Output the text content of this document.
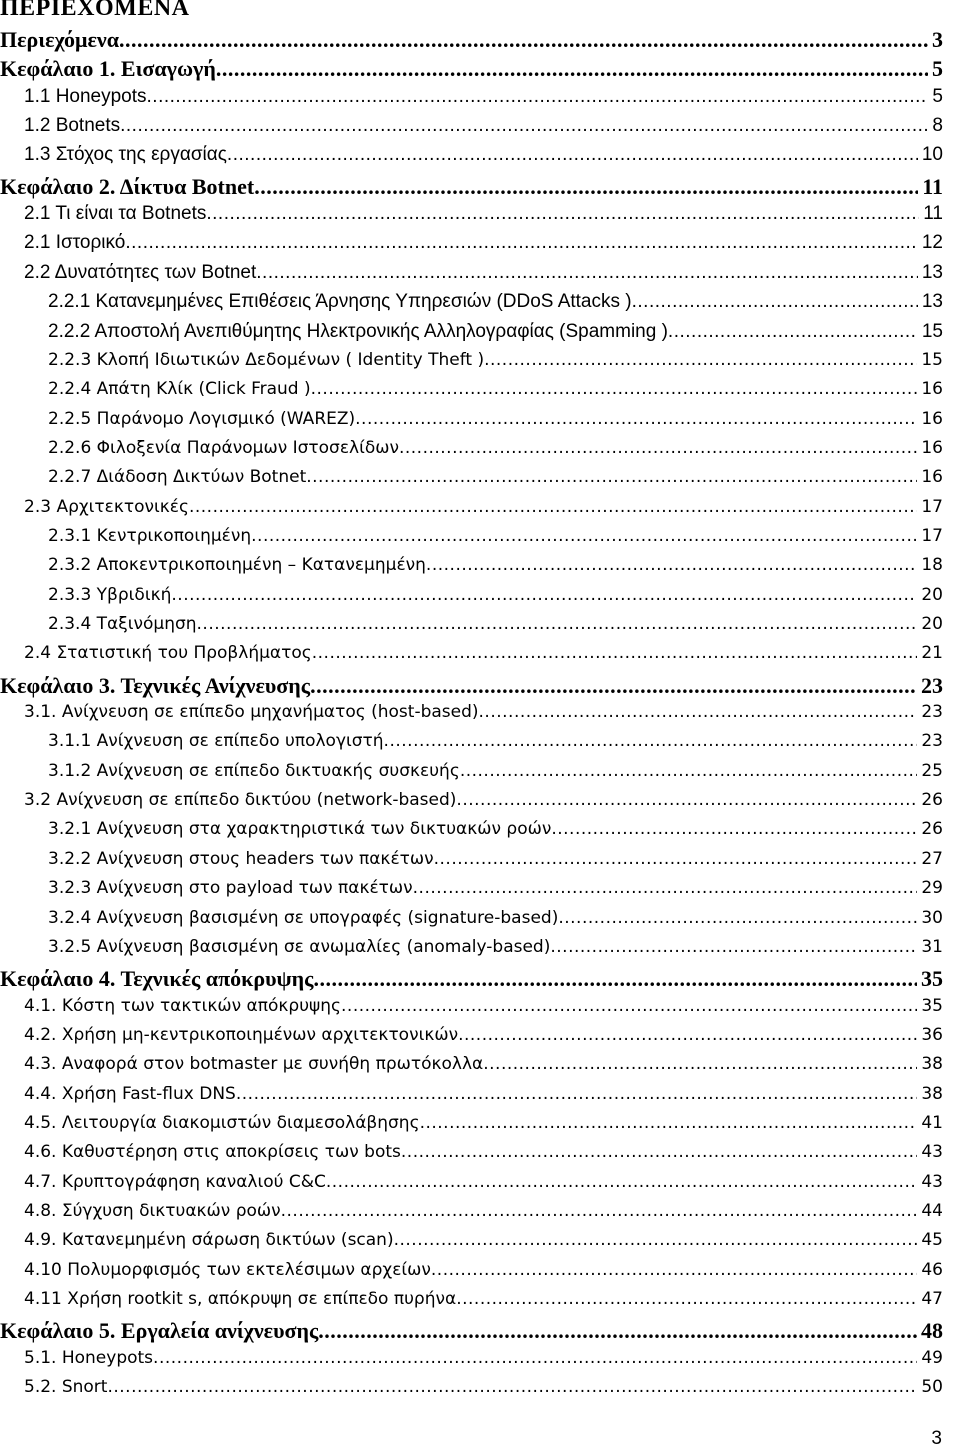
ΠΕΡΙΕΧΟΜΕΝΑ
Περιεχόμενα .....	3
Κεφάλαιο 1. Εισαγωγή .....	5
1.1 Honeypots .....	5
1.2 Botnets .....	8
1.3 Στόχος της εργασίας .....	10
Κεφάλαιο 2. Δίκτυα Botnet .....	11
2.1 Τι είναι τα Botnets .....	11
2.1 Ιστορικό .....	12
2.2 Δυνατότητες των Botnet .....	13
2.2.1 Κατανεμημένες Επιθέσεις Άρνησης Υπηρεσιών (DDoS Attacks ) .....	13
2.2.2 Αποστολή Ανεπιθύμητης Ηλεκτρονικής Αλληλογραφίας (Spamming ) .....	15
2.2.3 Κλοπή Ιδιωτικών Δεδομένων ( Identity Theft ) .....	15
2.2.4 Απάτη Κλίκ (Click Fraud ) .....	16
2.2.5 Παράνομο Λογισμικό (WAREZ) .....	16
2.2.6 Φιλοξενία Παράνομων Ιστοσελίδων .....	16
2.2.7 Διάδοση Δικτύων Botnet .....	16
2.3 Αρχιτεκτονικές .....	17
2.3.1 Κεντρικοποιημένη .....	17
2.3.2 Αποκεντρικοποιημένη – Κατανεμημένη .....	18
2.3.3 Υβριδική .....	20
2.3.4 Ταξινόμηση .....	20
2.4 Στατιστική του Προβλήματος .....	21
Κεφάλαιο 3. Τεχνικές Ανίχνευσης .....	23
3.1. Ανίχνευση σε επίπεδο μηχανήματος (host-based) .....	23
3.1.1 Ανίχνευση σε επίπεδο υπολογιστή .....	23
3.1.2 Ανίχνευση σε επίπεδο δικτυακής συσκευής .....	25
3.2 Ανίχνευση σε επίπεδο δικτύου (network-based) .....	26
3.2.1 Ανίχνευση στα χαρακτηριστικά των δικτυακών ροών .....	26
3.2.2 Ανίχνευση στους headers των πακέτων .....	27
3.2.3 Ανίχνευση στο payload των πακέτων .....	29
3.2.4 Ανίχνευση βασισμένη σε υπογραφές (signature-based) .....	30
3.2.5 Ανίχνευση βασισμένη σε ανωμαλίες (anomaly-based) .....	31
Κεφάλαιο 4. Τεχνικές απόκρυψης .....	35
4.1. Κόστη των τακτικών απόκρυψης .....	35
4.2. Χρήση μη-κεντρικοποιημένων αρχιτεκτονικών .....	36
4.3. Αναφορά στον botmaster με συνήθη πρωτόκολλα .....	38
4.4. Χρήση Fast-flux DNS .....	38
4.5. Λειτουργία διακομιστών διαμεσολάβησης .....	41
4.6. Καθυστέρηση στις αποκρίσεις των bots .....	43
4.7. Κρυπτογράφηση καναλιού C&C .....	43
4.8. Σύγχυση δικτυακών ροών .....	44
4.9. Κατανεμημένη σάρωση δικτύων (scan) .....	45
4.10 Πολυμορφισμός των εκτελέσιμων αρχείων .....	46
4.11 Χρήση rootkit s, απόκρυψη σε επίπεδο πυρήνα .....	47
Κεφάλαιο 5. Εργαλεία ανίχνευσης .....	48
5.1. Honeypots .....	49
5.2. Snort .....	50
3
